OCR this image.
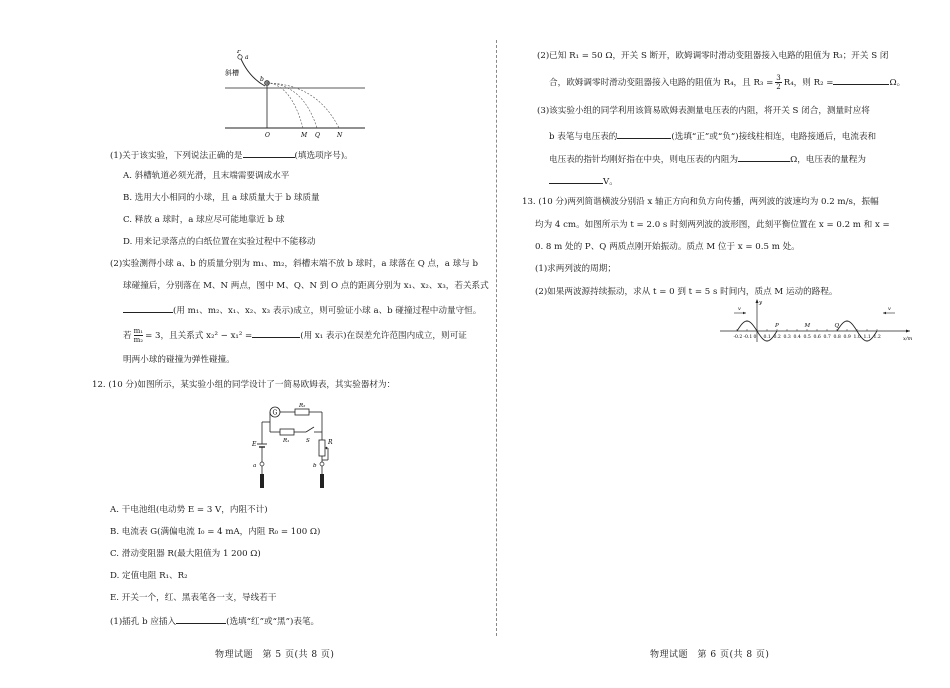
P
a
斜槽
b
O	M Q	N
(1)关于该实验，下列说法正确的是	(填选项序号)。
A. 斜槽轨道必须光滑，且末端需要调成水平
B. 选用大小相同的小球，且 a 球质量大于 b 球质量
C. 释放 a 球时，a 球应尽可能地靠近 b 球
D. 用来记录落点的白纸位置在实验过程中不能移动
(2)实验测得小球 a、b 的质量分别为 m₁、m₂，斜槽末端不放 b 球时，a 球落在 Q 点，a 球与 b
球碰撞后，分别落在 M、N 两点，图中 M、Q、N 到 O 点的距离分别为 x₁、x₂、x₃，若关系式
(用 m₁、m₂、x₁、x₂、x₃ 表示)成立，则可验证小球 a、b 碰撞过程中动量守恒。
若 $\frac{\text{m₁}}{\text{m₂}} = 3$，且关系式 x₂² − x₁² =	(用 x₁ 表示)在误差允许范围内成立，则可证
明两小球的碰撞为弹性碰撞。
12. (10 分)如图所示，某实验小组的同学设计了一简易欧姆表，其实验器材为：
G
R₂
R₁	S
E	R
a	b
A. 干电池组(电动势 E = 3 V，内阻不计)
B. 电流表 G(满偏电流 I₀ = 4 mA，内阻 R₀ = 100 Ω)
C. 滑动变阻器 R(最大阻值为 1 200 Ω)
D. 定值电阻 R₁、R₂
E. 开关一个，红、黑表笔各一支，导线若干
(1)插孔 b 应插入	(选填“红”或“黑”)表笔。
物理试题　第 5 页(共 8 页)
(2)已知 R₁ = 50 Ω，开关 S 断开，欧姆调零时滑动变阻器接入电路的阻值为 R₃；开关 S 闭
合，欧姆调零时滑动变阻器接入电路的阻值为 R₄，且 $R_3 = \frac{3}{2} R_4$，则 R₂ =	Ω。
(3)该实验小组的同学利用该简易欧姆表测量电压表的内阻，将开关 S 闭合，测量时应将
b 表笔与电压表的	(选填“正”或“负”)接线柱相连，电路接通后，电流表和
电压表的指针均刚好指在中央，则电压表的内阻为	Ω，电压表的量程为
V。
13. (10 分)两列简谐横波分别沿 x 轴正方向和负方向传播，两列波的波速均为 0.2 m/s，振幅
均为 4 cm。如图所示为 t = 2.0 s 时刻两列波的波形图，此刻平衡位置在 x = 0.2 m 和 x =
0. 8 m 处的 P、Q 两质点刚开始振动。质点 M 位于 x = 0.5 m 处。
(1)求两列波的周期；
(2)如果两波源持续振动，求从 t = 0 到 t = 5 s 时间内，质点 M 运动的路程。
y
x/m
v	v
P	M	Q
-0.2 -0.1 0 0.1 0.2 0.3 0.4 0.5 0.6 0.7 0.8 0.9 1.0 1.1 1.2
物理试题　第 6 页(共 8 页)
